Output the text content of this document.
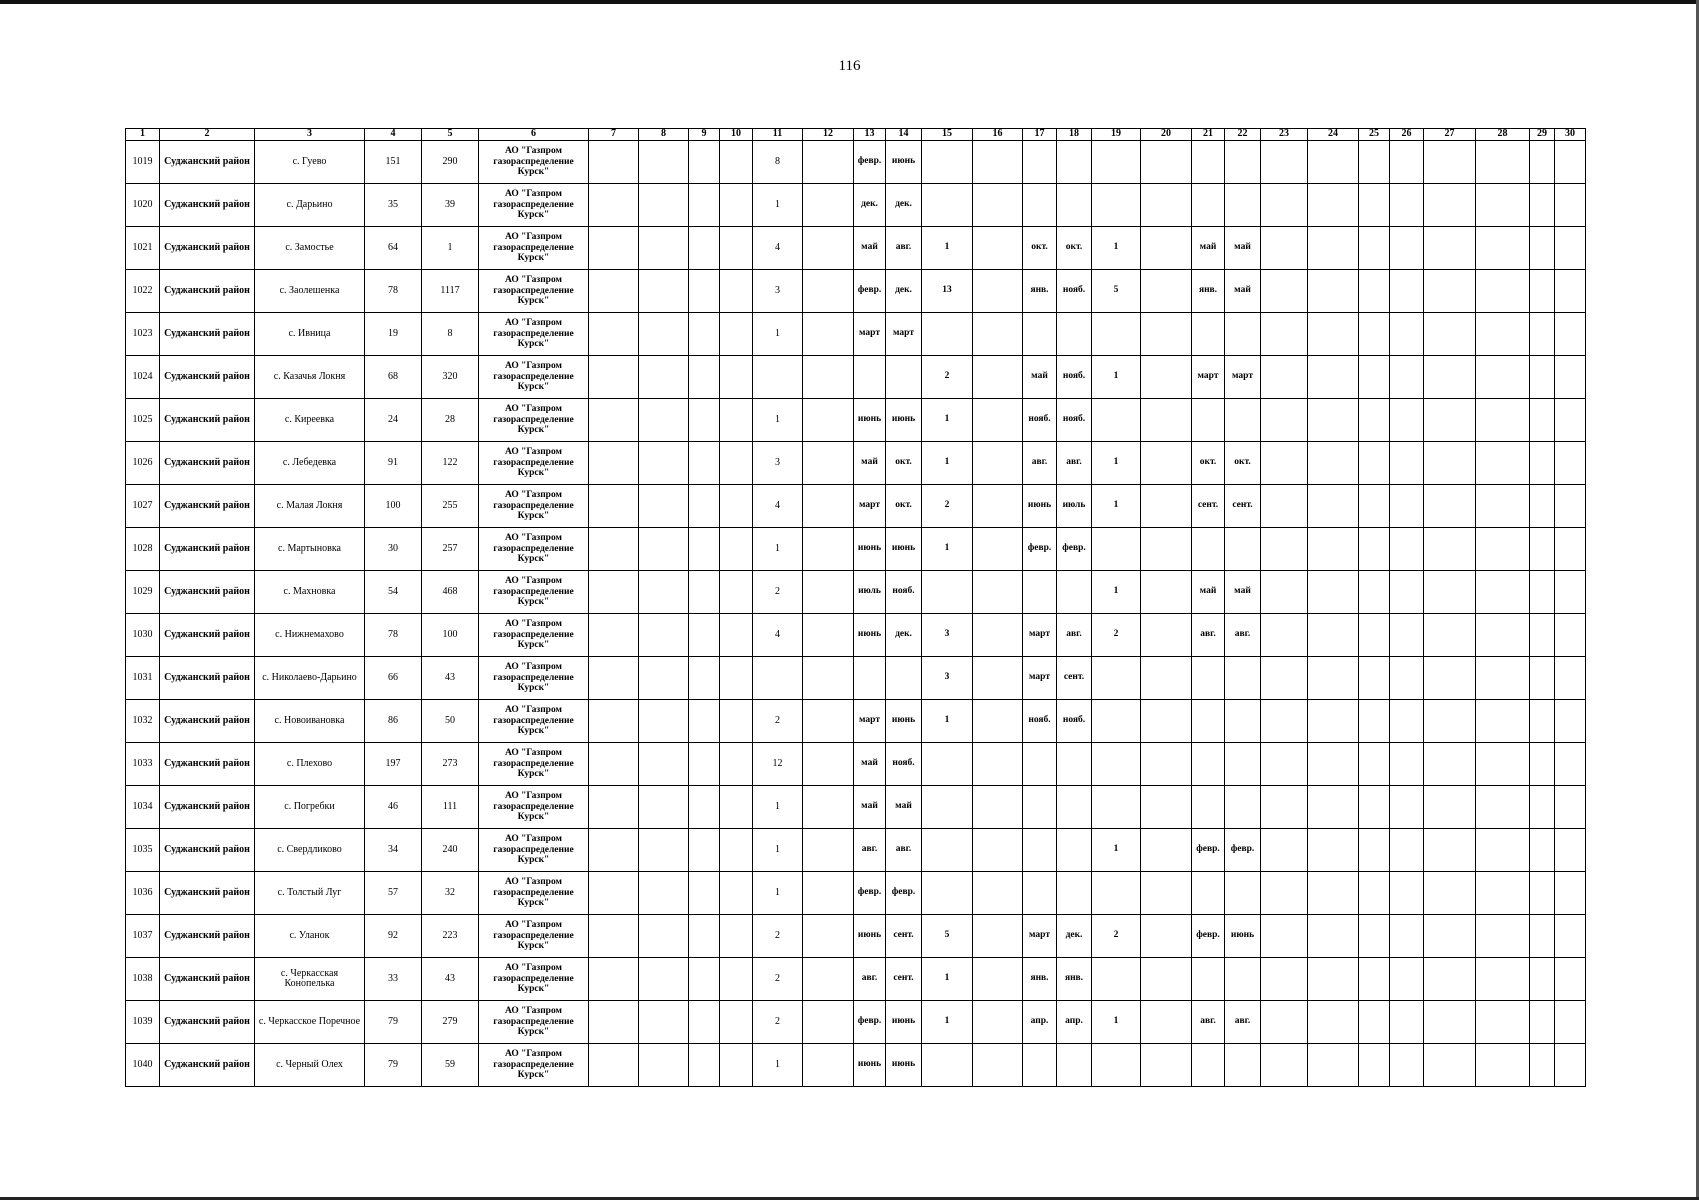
116
1	2	3	4	5	6	7	8	9	10	11	12	13	14	15	16	17	18	19	20	21	22	23	24	25	26	27	28	29	30
1019	Суджанский район	с. Гуево	151	290	АО "Газпром газораспределение Курск"					8		февр.	июнь																
1020	Суджанский район	с. Дарьино	35	39	АО "Газпром газораспределение Курск"					1		дек.	дек.																
1021	Суджанский район	с. Замостье	64	1	АО "Газпром газораспределение Курск"					4		май	авг.	1		окт.	окт.	1		май	май								
1022	Суджанский район	с. Заолешенка	78	1117	АО "Газпром газораспределение Курск"					3		февр.	дек.	13		янв.	нояб.	5		янв.	май								
1023	Суджанский район	с. Ивница	19	8	АО "Газпром газораспределение Курск"					1		март	март																
1024	Суджанский район	с. Казачья Локня	68	320	АО "Газпром газораспределение Курск"									2		май	нояб.	1		март	март								
1025	Суджанский район	с. Киреевка	24	28	АО "Газпром газораспределение Курск"					1		июнь	июнь	1		нояб.	нояб.												
1026	Суджанский район	с. Лебедевка	91	122	АО "Газпром газораспределение Курск"					3		май	окт.	1		авг.	авг.	1		окт.	окт.								
1027	Суджанский район	с. Малая Локня	100	255	АО "Газпром газораспределение Курск"					4		март	окт.	2		июнь	июль	1		сент.	сент.								
1028	Суджанский район	с. Мартыновка	30	257	АО "Газпром газораспределение Курск"					1		июнь	июнь	1		февр.	февр.												
1029	Суджанский район	с. Махновка	54	468	АО "Газпром газораспределение Курск"					2		июль	нояб.					1		май	май								
1030	Суджанский район	с. Нижнемахово	78	100	АО "Газпром газораспределение Курск"					4		июнь	дек.	3		март	авг.	2		авг.	авг.								
1031	Суджанский район	с. Николаево-Дарьино	66	43	АО "Газпром газораспределение Курск"									3		март	сент.												
1032	Суджанский район	с. Новоивановка	86	50	АО "Газпром газораспределение Курск"					2		март	июнь	1		нояб.	нояб.												
1033	Суджанский район	с. Плехово	197	273	АО "Газпром газораспределение Курск"					12		май	нояб.																
1034	Суджанский район	с. Погребки	46	111	АО "Газпром газораспределение Курск"					1		май	май																
1035	Суджанский район	с. Свердликово	34	240	АО "Газпром газораспределение Курск"					1		авг.	авг.					1		февр.	февр.								
1036	Суджанский район	с. Толстый Луг	57	32	АО "Газпром газораспределение Курск"					1		февр.	февр.																
1037	Суджанский район	с. Уланок	92	223	АО "Газпром газораспределение Курск"					2		июнь	сент.	5		март	дек.	2		февр.	июнь								
1038	Суджанский район	с. Черкасская Конопелька	33	43	АО "Газпром газораспределение Курск"					2		авг.	сент.	1		янв.	янв.												
1039	Суджанский район	с. Черкасское Поречное	79	279	АО "Газпром газораспределение Курск"					2		февр.	июнь	1		апр.	апр.	1		авг.	авг.								
1040	Суджанский район	с. Черный Олех	79	59	АО "Газпром газораспределение Курск"					1		июнь	июнь																
